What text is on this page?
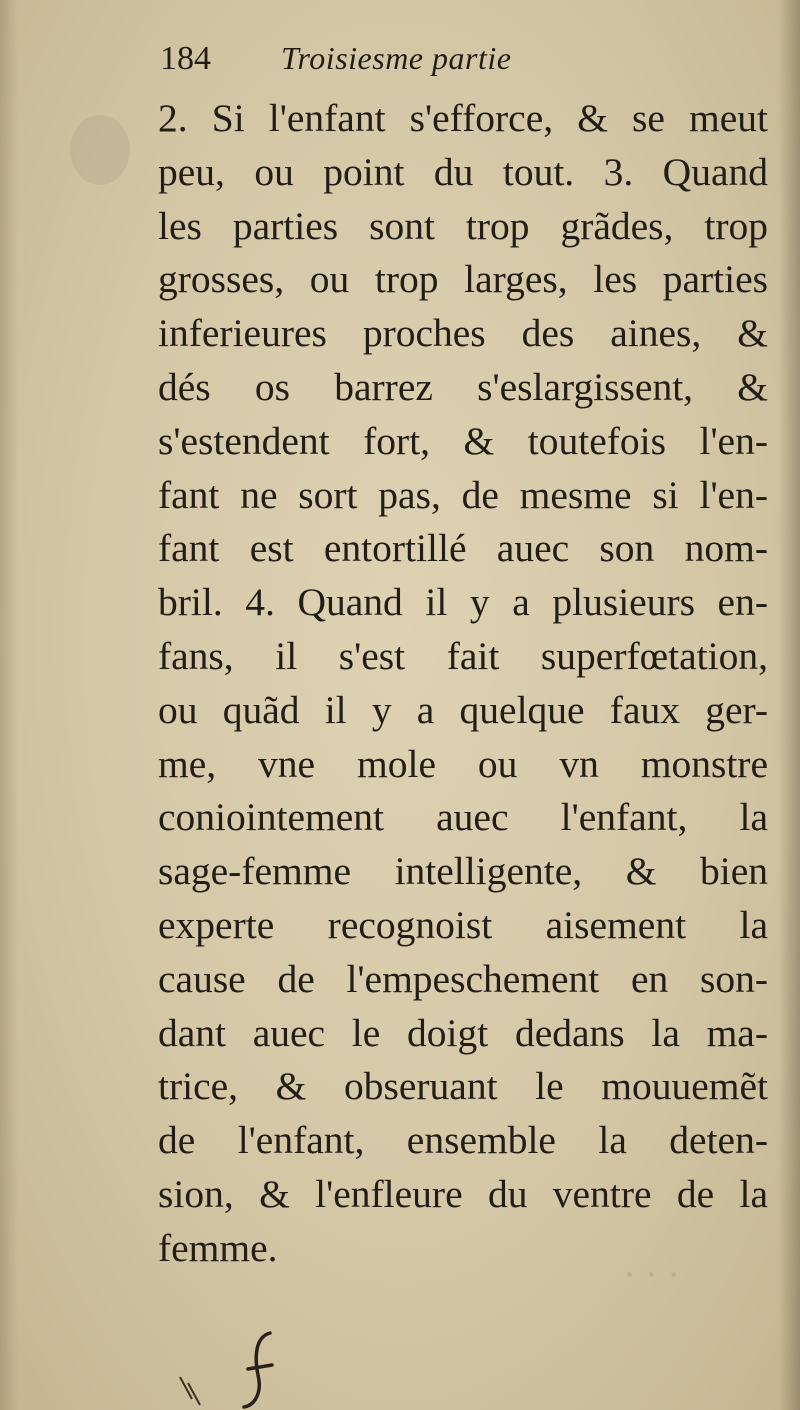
· · ·
184 Troisiesme partie
2. Si l'enfant s'efforce, & se meut
peu, ou point du tout. 3. Quand
les parties sont trop grãdes, trop
grosses, ou trop larges, les parties
inferieures proches des aines, &
dés os barrez s'eslargissent, &
s'estendent fort, & toutefois l'en-
fant ne sort pas, de mesme si l'en-
fant est entortillé auec son nom-
bril. 4. Quand il y a plusieurs en-
fans, il s'est fait superfœtation,
ou quãd il y a quelque faux ger-
me, vne mole ou vn monstre
coniointement auec l'enfant, la
sage-femme intelligente, & bien
experte recognoist aisement la
cause de l'empeschement en son-
dant auec le doigt dedans la ma-
trice, & obseruant le mouuemẽt
de l'enfant, ensemble la deten-
sion, & l'enfleure du ventre de la
femme.
